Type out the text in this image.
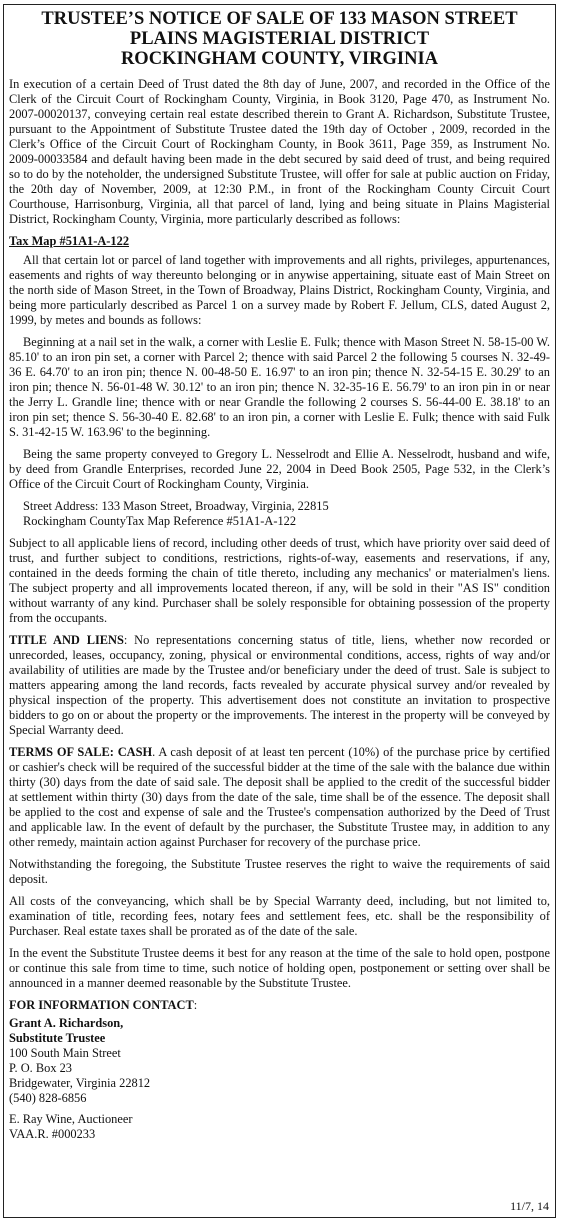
TRUSTEE’S NOTICE OF SALE OF 133 MASON STREET
PLAINS MAGISTERIAL DISTRICT
ROCKINGHAM COUNTY, VIRGINIA

In execution of a certain Deed of Trust dated the 8th day of June, 2007, and recorded in the Office of the Clerk of the Circuit Court of Rockingham County, Virginia, in Book 3120, Page 470, as Instrument No. 2007-00020137, conveying certain real estate described therein to Grant A. Richardson, Substitute Trustee, pursuant to the Appointment of Substitute Trustee dated the 19th day of October , 2009, recorded in the Clerk’s Office of the Circuit Court of Rockingham County, in Book 3611, Page 359, as Instrument No. 2009-00033584 and default having been made in the debt secured by said deed of trust, and being required so to do by the noteholder, the undersigned Substitute Trustee, will offer for sale at public auction on Friday, the 20th day of November, 2009, at 12:30 P.M., in front of the Rockingham County Circuit Court Courthouse, Harrisonburg, Virginia, all that parcel of land, lying and being situate in Plains Magisterial District, Rockingham County, Virginia, more particularly described as follows:

Tax Map #51A1-A-122

All that certain lot or parcel of land together with improvements and all rights, privileges, appurtenances, easements and rights of way thereunto belonging or in anywise appertaining, situate east of Main Street on the north side of Mason Street, in the Town of Broadway, Plains District, Rockingham County, Virginia, and being more particularly described as Parcel 1 on a survey made by Robert F. Jellum, CLS, dated August 2, 1999, by metes and bounds as follows:

Beginning at a nail set in the walk, a corner with Leslie E. Fulk; thence with Mason Street N. 58-15-00 W. 85.10' to an iron pin set, a corner with Parcel 2; thence with said Parcel 2 the following 5 courses N. 32-49-36 E. 64.70' to an iron pin; thence N. 00-48-50 E. 16.97' to an iron pin; thence N. 32-54-15 E. 30.29' to an iron pin; thence N. 56-01-48 W. 30.12' to an iron pin; thence N. 32-35-16 E. 56.79' to an iron pin in or near the Jerry L. Grandle line; thence with or near Grandle the following 2 courses S. 56-44-00 E. 38.18' to an iron pin set; thence S. 56-30-40 E. 82.68' to an iron pin, a corner with Leslie E. Fulk; thence with said Fulk S. 31-42-15 W. 163.96' to the beginning.

Being the same property conveyed to Gregory L. Nesselrodt and Ellie A. Nesselrodt, husband and wife, by deed from Grandle Enterprises, recorded June 22, 2004 in Deed Book 2505, Page 532, in the Clerk’s Office of the Circuit Court of Rockingham County, Virginia.

Street Address: 133 Mason Street, Broadway, Virginia, 22815
Rockingham CountyTax Map Reference #51A1-A-122

Subject to all applicable liens of record, including other deeds of trust, which have priority over said deed of trust, and further subject to conditions, restrictions, rights-of-way, easements and reservations, if any, contained in the deeds forming the chain of title thereto, including any mechanics' or materialmen's liens. The subject property and all improvements located thereon, if any, will be sold in their "AS IS" condition without warranty of any kind. Purchaser shall be solely responsible for obtaining possession of the property from the occupants.

TITLE AND LIENS: No representations concerning status of title, liens, whether now recorded or unrecorded, leases, occupancy, zoning, physical or environmental conditions, access, rights of way and/or availability of utilities are made by the Trustee and/or beneficiary under the deed of trust. Sale is subject to matters appearing among the land records, facts revealed by accurate physical survey and/or revealed by physical inspection of the property. This advertisement does not constitute an invitation to prospective bidders to go on or about the property or the improvements. The interest in the property will be conveyed by Special Warranty deed.

TERMS OF SALE: CASH. A cash deposit of at least ten percent (10%) of the purchase price by certified or cashier's check will be required of the successful bidder at the time of the sale with the balance due within thirty (30) days from the date of said sale. The deposit shall be applied to the credit of the successful bidder at settlement within thirty (30) days from the date of the sale, time shall be of the essence. The deposit shall be applied to the cost and expense of sale and the Trustee's compensation authorized by the Deed of Trust and applicable law. In the event of default by the purchaser, the Substitute Trustee may, in addition to any other remedy, maintain action against Purchaser for recovery of the purchase price.

Notwithstanding the foregoing, the Substitute Trustee reserves the right to waive the requirements of said deposit.

All costs of the conveyancing, which shall be by Special Warranty deed, including, but not limited to, examination of title, recording fees, notary fees and settlement fees, etc. shall be the responsibility of Purchaser. Real estate taxes shall be prorated as of the date of the sale.

In the event the Substitute Trustee deems it best for any reason at the time of the sale to hold open, postpone or continue this sale from time to time, such notice of holding open, postponement or setting over shall be announced in a manner deemed reasonable by the Substitute Trustee.

FOR INFORMATION CONTACT:
Grant A. Richardson,
Substitute Trustee
100 South Main Street
P. O. Box 23
Bridgewater, Virginia 22812
(540) 828-6856
E. Ray Wine, Auctioneer
VAA.R. #000233
11/7, 14
